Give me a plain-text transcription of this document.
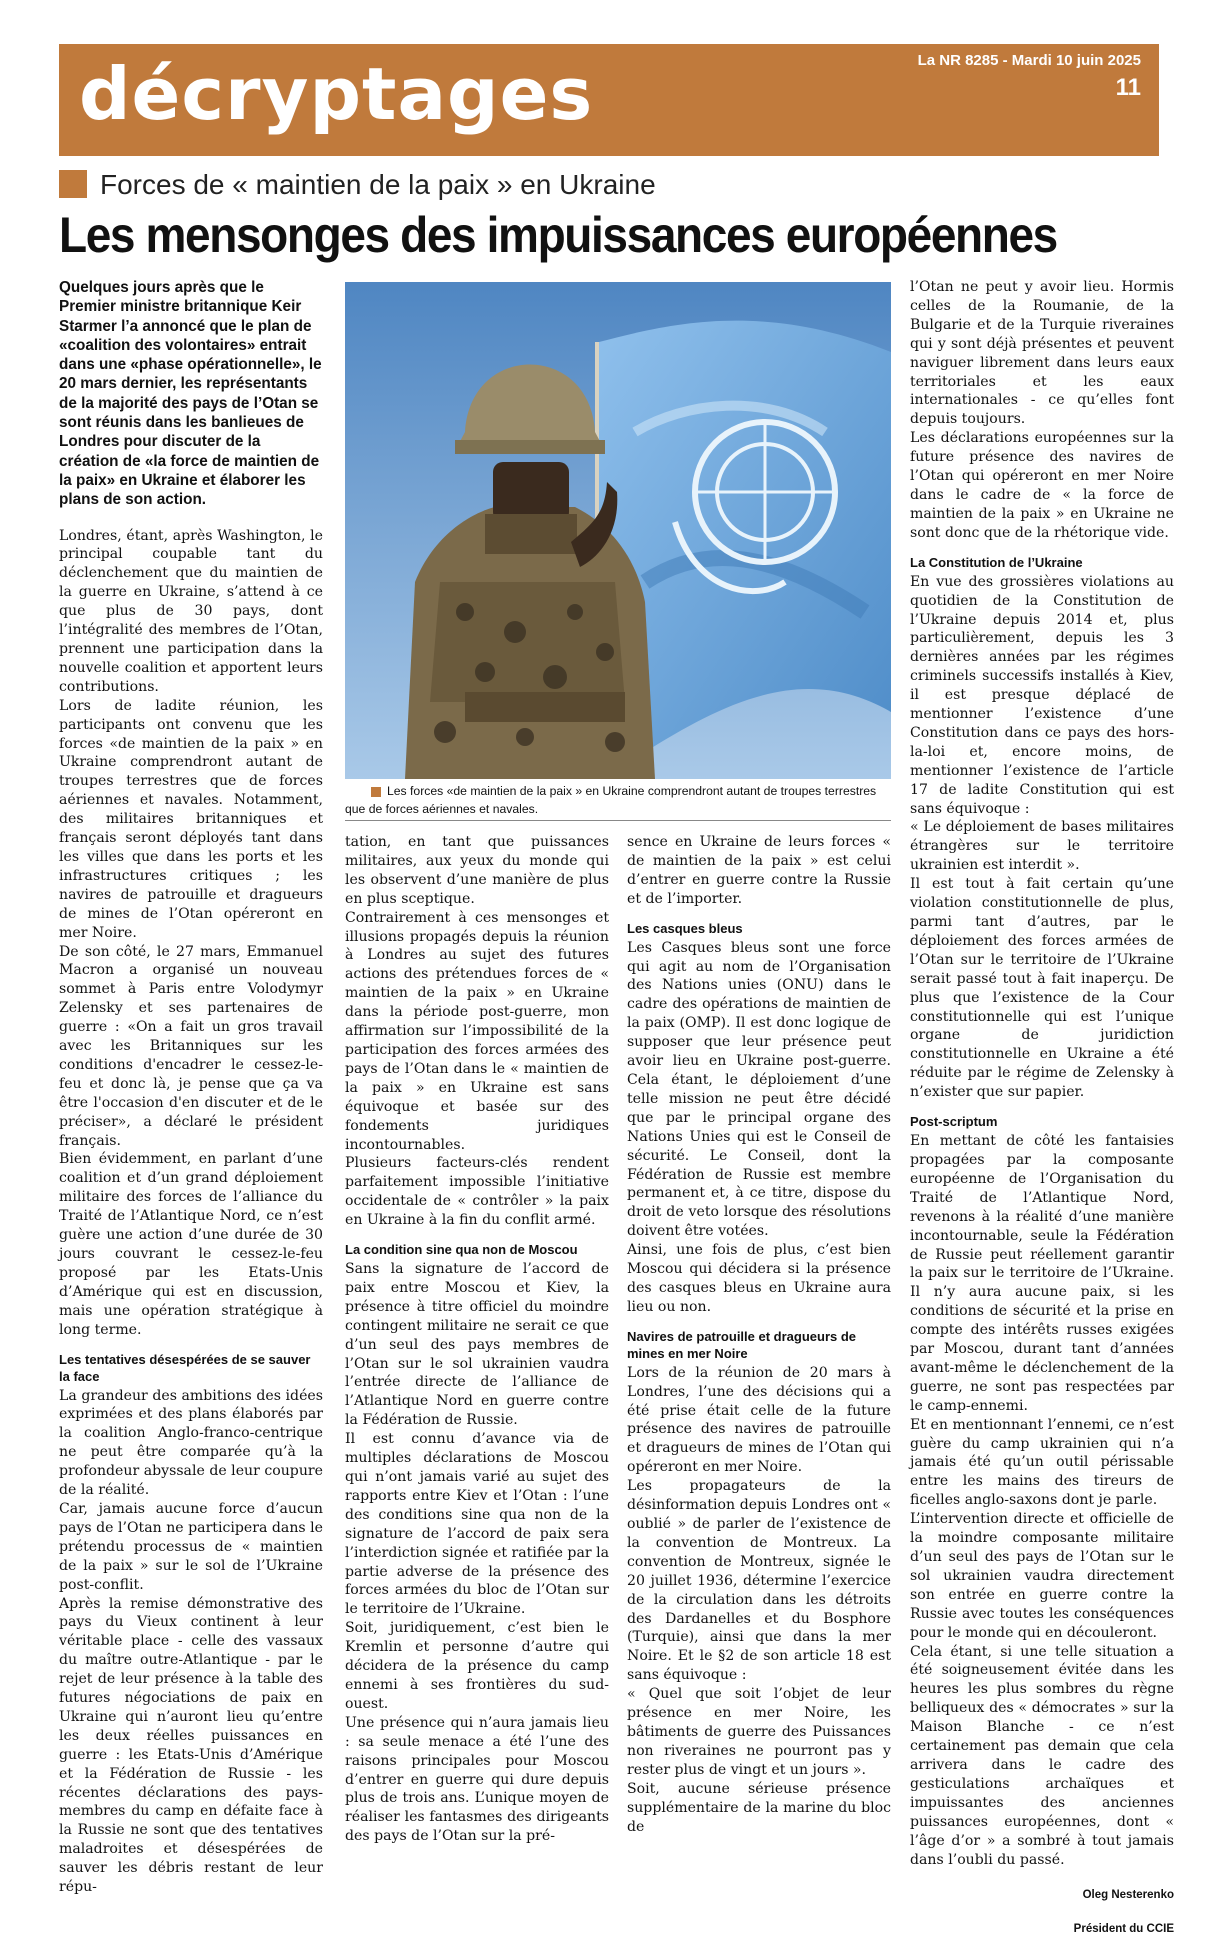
décryptages	La NR 8285 - Mardi 10 juin 2025
11
Forces de « maintien de la paix » en Ukraine
Les mensonges des impuissances européennes

Quelques jours après que le Premier ministre britannique Keir Starmer l’a annoncé que le plan de «coalition des volontaires» entrait dans une «phase opérationnelle», le 20 mars dernier, les représentants de la majorité des pays de l’Otan se sont réunis dans les banlieues de Londres pour discuter de la création de «la force de maintien de la paix» en Ukraine et élaborer les plans de son action.

Londres, étant, après Washington, le principal coupable tant du déclenchement que du maintien de la guerre en Ukraine, s’attend à ce que plus de 30 pays, dont l’intégralité des membres de l’Otan, prennent une participation dans la nouvelle coalition et apportent leurs contributions.

Lors de ladite réunion, les participants ont convenu que les forces «de maintien de la paix » en Ukraine comprendront autant de troupes terrestres que de forces aériennes et navales. Notamment, des militaires britanniques et français seront déployés tant dans les villes que dans les ports et les infrastructures critiques ; les navires de patrouille et dragueurs de mines de l’Otan opéreront en mer Noire.

De son côté, le 27 mars, Emmanuel Macron a organisé un nouveau sommet à Paris entre Volodymyr Zelensky et ses partenaires de guerre : «On a fait un gros travail avec les Britanniques sur les conditions d'encadrer le cessez-le-feu et donc là, je pense que ça va être l'occasion d'en discuter et de le préciser», a déclaré le président français.

Bien évidemment, en parlant d’une coalition et d’un grand déploiement militaire des forces de l’alliance du Traité de l’Atlantique Nord, ce n’est guère une action d’une durée de 30 jours couvrant le cessez-le-feu proposé par les Etats-Unis d’Amérique qui est en discussion, mais une opération stratégique à long terme.

Les tentatives désespérées de se sauver la face

La grandeur des ambitions des idées exprimées et des plans élaborés par la coalition Anglo-franco-centrique ne peut être comparée qu’à la profondeur abyssale de leur coupure de la réalité.

Car, jamais aucune force d’aucun pays de l’Otan ne participera dans le prétendu processus de « maintien de la paix » sur le sol de l’Ukraine post-conflit.

Après la remise démonstrative des pays du Vieux continent à leur véritable place - celle des vassaux du maître outre-Atlantique - par le rejet de leur présence à la table des futures négociations de paix en Ukraine qui n’auront lieu qu’entre les deux réelles puissances en guerre : les Etats-Unis d’Amérique et la Fédération de Russie - les récentes déclarations des pays-membres du camp en défaite face à la Russie ne sont que des tentatives maladroites et désespérées de sauver les débris restant de leur répu-

tation, en tant que puissances militaires, aux yeux du monde qui les observent d’une manière de plus en plus sceptique.

Contrairement à ces mensonges et illusions propagés depuis la réunion à Londres au sujet des futures actions des prétendues forces de « maintien de la paix » en Ukraine dans la période post-guerre, mon affirmation sur l’impossibilité de la participation des forces armées des pays de l’Otan dans le « maintien de la paix » en Ukraine est sans équivoque et basée sur des fondements juridiques incontournables.

Plusieurs facteurs-clés rendent parfaitement impossible l’initiative occidentale de « contrôler » la paix en Ukraine à la fin du conflit armé.

La condition sine qua non de Moscou

Sans la signature de l’accord de paix entre Moscou et Kiev, la présence à titre officiel du moindre contingent militaire ne serait ce que d’un seul des pays membres de l’Otan sur le sol ukrainien vaudra l’entrée directe de l’alliance de l’Atlantique Nord en guerre contre la Fédération de Russie.

Il est connu d’avance via de multiples déclarations de Moscou qui n’ont jamais varié au sujet des rapports entre Kiev et l’Otan : l’une des conditions sine qua non de la signature de l’accord de paix sera l’interdiction signée et ratifiée par la partie adverse de la présence des forces armées du bloc de l’Otan sur le territoire de l’Ukraine.

Soit, juridiquement, c’est bien le Kremlin et personne d’autre qui décidera de la présence du camp ennemi à ses frontières du sud-ouest.

Une présence qui n’aura jamais lieu : sa seule menace a été l’une des raisons principales pour Moscou d’entrer en guerre qui dure depuis plus de trois ans. L’unique moyen de réaliser les fantasmes des dirigeants des pays de l’Otan sur la pré-

sence en Ukraine de leurs forces « de maintien de la paix » est celui d’entrer en guerre contre la Russie et de l’importer.

Les casques bleus

Les Casques bleus sont une force qui agit au nom de l’Organisation des Nations unies (ONU) dans le cadre des opérations de maintien de la paix (OMP). Il est donc logique de supposer que leur présence peut avoir lieu en Ukraine post-guerre. Cela étant, le déploiement d’une telle mission ne peut être décidé que par le principal organe des Nations Unies qui est le Conseil de sécurité. Le Conseil, dont la Fédération de Russie est membre permanent et, à ce titre, dispose du droit de veto lorsque des résolutions doivent être votées.

Ainsi, une fois de plus, c’est bien Moscou qui décidera si la présence des casques bleus en Ukraine aura lieu ou non.

Navires de patrouille et dragueurs de mines en mer Noire

Lors de la réunion de 20 mars à Londres, l’une des décisions qui a été prise était celle de la future présence des navires de patrouille et dragueurs de mines de l’Otan qui opéreront en mer Noire.

Les propagateurs de la désinformation depuis Londres ont « oublié » de parler de l’existence de la convention de Montreux. La convention de Montreux, signée le 20 juillet 1936, détermine l’exercice de la circulation dans les détroits des Dardanelles et du Bosphore (Turquie), ainsi que dans la mer Noire. Et le §2 de son article 18 est sans équivoque :

« Quel que soit l’objet de leur présence en mer Noire, les bâtiments de guerre des Puissances non riveraines ne pourront pas y rester plus de vingt et un jours ».

Soit, aucune sérieuse présence supplémentaire de la marine du bloc de

l’Otan ne peut y avoir lieu. Hormis celles de la Roumanie, de la Bulgarie et de la Turquie riveraines qui y sont déjà présentes et peuvent naviguer librement dans leurs eaux territoriales et les eaux internationales - ce qu’elles font depuis toujours.

Les déclarations européennes sur la future présence des navires de l’Otan qui opéreront en mer Noire dans le cadre de « la force de maintien de la paix » en Ukraine ne sont donc que de la rhétorique vide.

La Constitution de l’Ukraine

En vue des grossières violations au quotidien de la Constitution de l’Ukraine depuis 2014 et, plus particulièrement, depuis les 3 dernières années par les régimes criminels successifs installés à Kiev, il est presque déplacé de mentionner l’existence d’une Constitution dans ce pays des hors-la-loi et, encore moins, de mentionner l’existence de l’article 17 de ladite Constitution qui est sans équivoque :

« Le déploiement de bases militaires étrangères sur le territoire ukrainien est interdit ».

Il est tout à fait certain qu’une violation constitutionnelle de plus, parmi tant d’autres, par le déploiement des forces armées de l’Otan sur le territoire de l’Ukraine serait passé tout à fait inaperçu. De plus que l’existence de la Cour constitutionnelle qui est l’unique organe de juridiction constitutionnelle en Ukraine a été réduite par le régime de Zelensky à n’exister que sur papier.

Post-scriptum

En mettant de côté les fantaisies propagées par la composante européenne de l’Organisation du Traité de l’Atlantique Nord, revenons à la réalité d’une manière incontournable, seule la Fédération de Russie peut réellement garantir la paix sur le territoire de l’Ukraine. Il n’y aura aucune paix, si les conditions de sécurité et la prise en compte des intérêts russes exigées par Moscou, durant tant d’années avant-même le déclenchement de la guerre, ne sont pas respectées par le camp-ennemi.

Et en mentionnant l’ennemi, ce n’est guère du camp ukrainien qui n’a jamais été qu’un outil périssable entre les mains des tireurs de ficelles anglo-saxons dont je parle.

L’intervention directe et officielle de la moindre composante militaire d’un seul des pays de l’Otan sur le sol ukrainien vaudra directement son entrée en guerre contre la Russie avec toutes les conséquences pour le monde qui en découleront.

Cela étant, si une telle situation a été soigneusement évitée dans les heures les plus sombres du règne belliqueux des « démocrates » sur la Maison Blanche - ce n’est certainement pas demain que cela arrivera dans le cadre des gesticulations archaïques et impuissantes des anciennes puissances européennes, dont « l’âge d’or » a sombré à tout jamais dans l’oubli du passé.

Oleg Nesterenko

Président du CCIE

Les forces «de maintien de la paix » en Ukraine comprendront autant de troupes terrestres que de forces aériennes et navales.
